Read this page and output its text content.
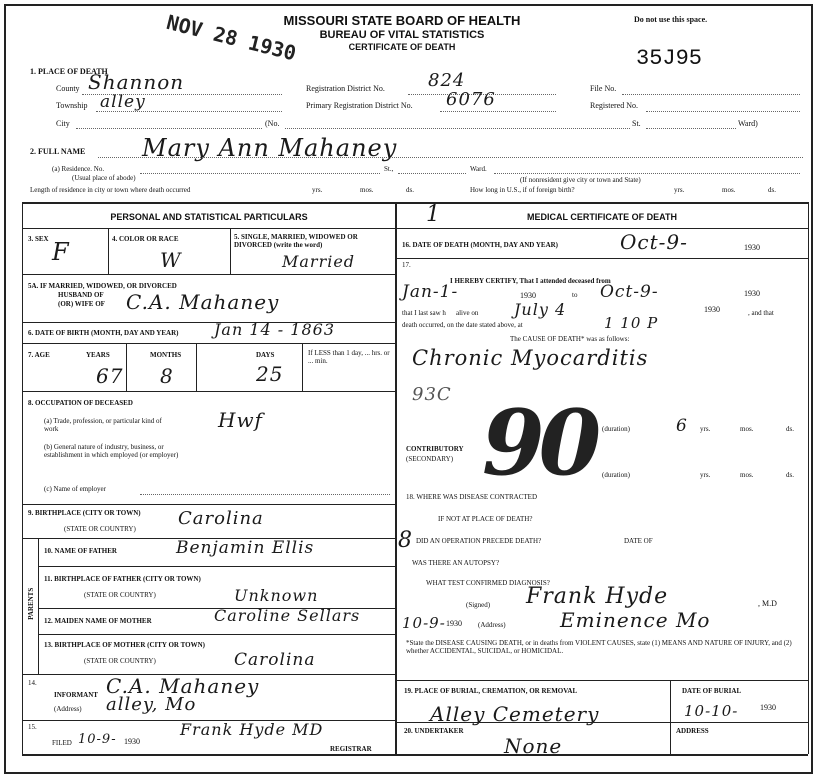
NOV 28 1930
MISSOURI STATE BOARD OF HEALTH
BUREAU OF VITAL STATISTICS
CERTIFICATE OF DEATH
Do not use this space.
35J95
1. PLACE OF DEATH
County Shannon
Township alley
City	(No.	St.	Ward)
Registration District No. 824
Primary Registration District No. 6076
File No.
Registered No.
2. FULL NAME Mary Ann Mahaney
(a) Residence. No.
(Usual place of abode)
St.,	Ward.
(If nonresident give city or town and State)
Length of residence in city or town where death occurred	yrs.	mos.	ds.	How long in U.S., if of foreign birth?	yrs.	mos.	ds.
PERSONAL AND STATISTICAL PARTICULARS
3. SEX F	4. COLOR OR RACE
W
5. SINGLE, MARRIED, WIDOWED OR DIVORCED (write the word)
Married
5A. IF MARRIED, WIDOWED, OR DIVORCED
HUSBAND OF
(OR) WIFE OF C.A. Mahaney
6. DATE OF BIRTH (MONTH, DAY AND YEAR) Jan 14 - 1863
7. AGE	YEARS	MONTHS	DAYS	If LESS than 1 day, ... hrs. or ... min.
67 8	25
8. OCCUPATION OF DECEASED
(a) Trade, profession, or particular kind of work	Hwf
(b) General nature of industry, business, or establishment in which employed (or employer)
(c) Name of employer
9. BIRTHPLACE (CITY OR TOWN)
(STATE OR COUNTRY) Carolina
PARENTS
10. NAME OF FATHER	Benjamin Ellis
11. BIRTHPLACE OF FATHER (CITY OR TOWN)
(STATE OR COUNTRY)	Unknown
12. MAIDEN NAME OF MOTHER	Caroline Sellars
13. BIRTHPLACE OF MOTHER (CITY OR TOWN)
(STATE OR COUNTRY)	Carolina
14.
INFORMANT C.A. Mahaney
(Address) alley, Mo
15.
FILED 10-9- 1930
Frank Hyde MD
REGISTRAR
MEDICAL CERTIFICATE OF DEATH
1
16. DATE OF DEATH (MONTH, DAY AND YEAR)	Oct-9-	1930
17.
I HEREBY CERTIFY, That I attended deceased from
Jan-1-	1930	to Oct-9-	1930
that I last saw h alive on July 4	1930	, and that
death occurred, on the date stated above, at	1 10 P
The CAUSE OF DEATH* was as follows:
Chronic Myocarditis
93C
(duration)	6 yrs.	mos.	ds.
CONTRIBUTORY
(SECONDARY)
(duration)	yrs.	mos.	ds.
90
18. WHERE WAS DISEASE CONTRACTED
IF NOT AT PLACE OF DEATH?
8 DID AN OPERATION PRECEDE DEATH?	DATE OF
WAS THERE AN AUTOPSY?
WHAT TEST CONFIRMED DIAGNOSIS?
(Signed) Frank Hyde	, M.D
10-9- 1930 (Address)	Eminence Mo
*State the DISEASE CAUSING DEATH, or in deaths from VIOLENT CAUSES, state (1) MEANS AND NATURE OF INJURY, and (2) whether ACCIDENTAL, SUICIDAL, or HOMICIDAL.
19. PLACE OF BURIAL, CREMATION, OR REMOVAL
Alley Cemetery
DATE OF BURIAL
10-10-	1930
20. UNDERTAKER
None
ADDRESS
